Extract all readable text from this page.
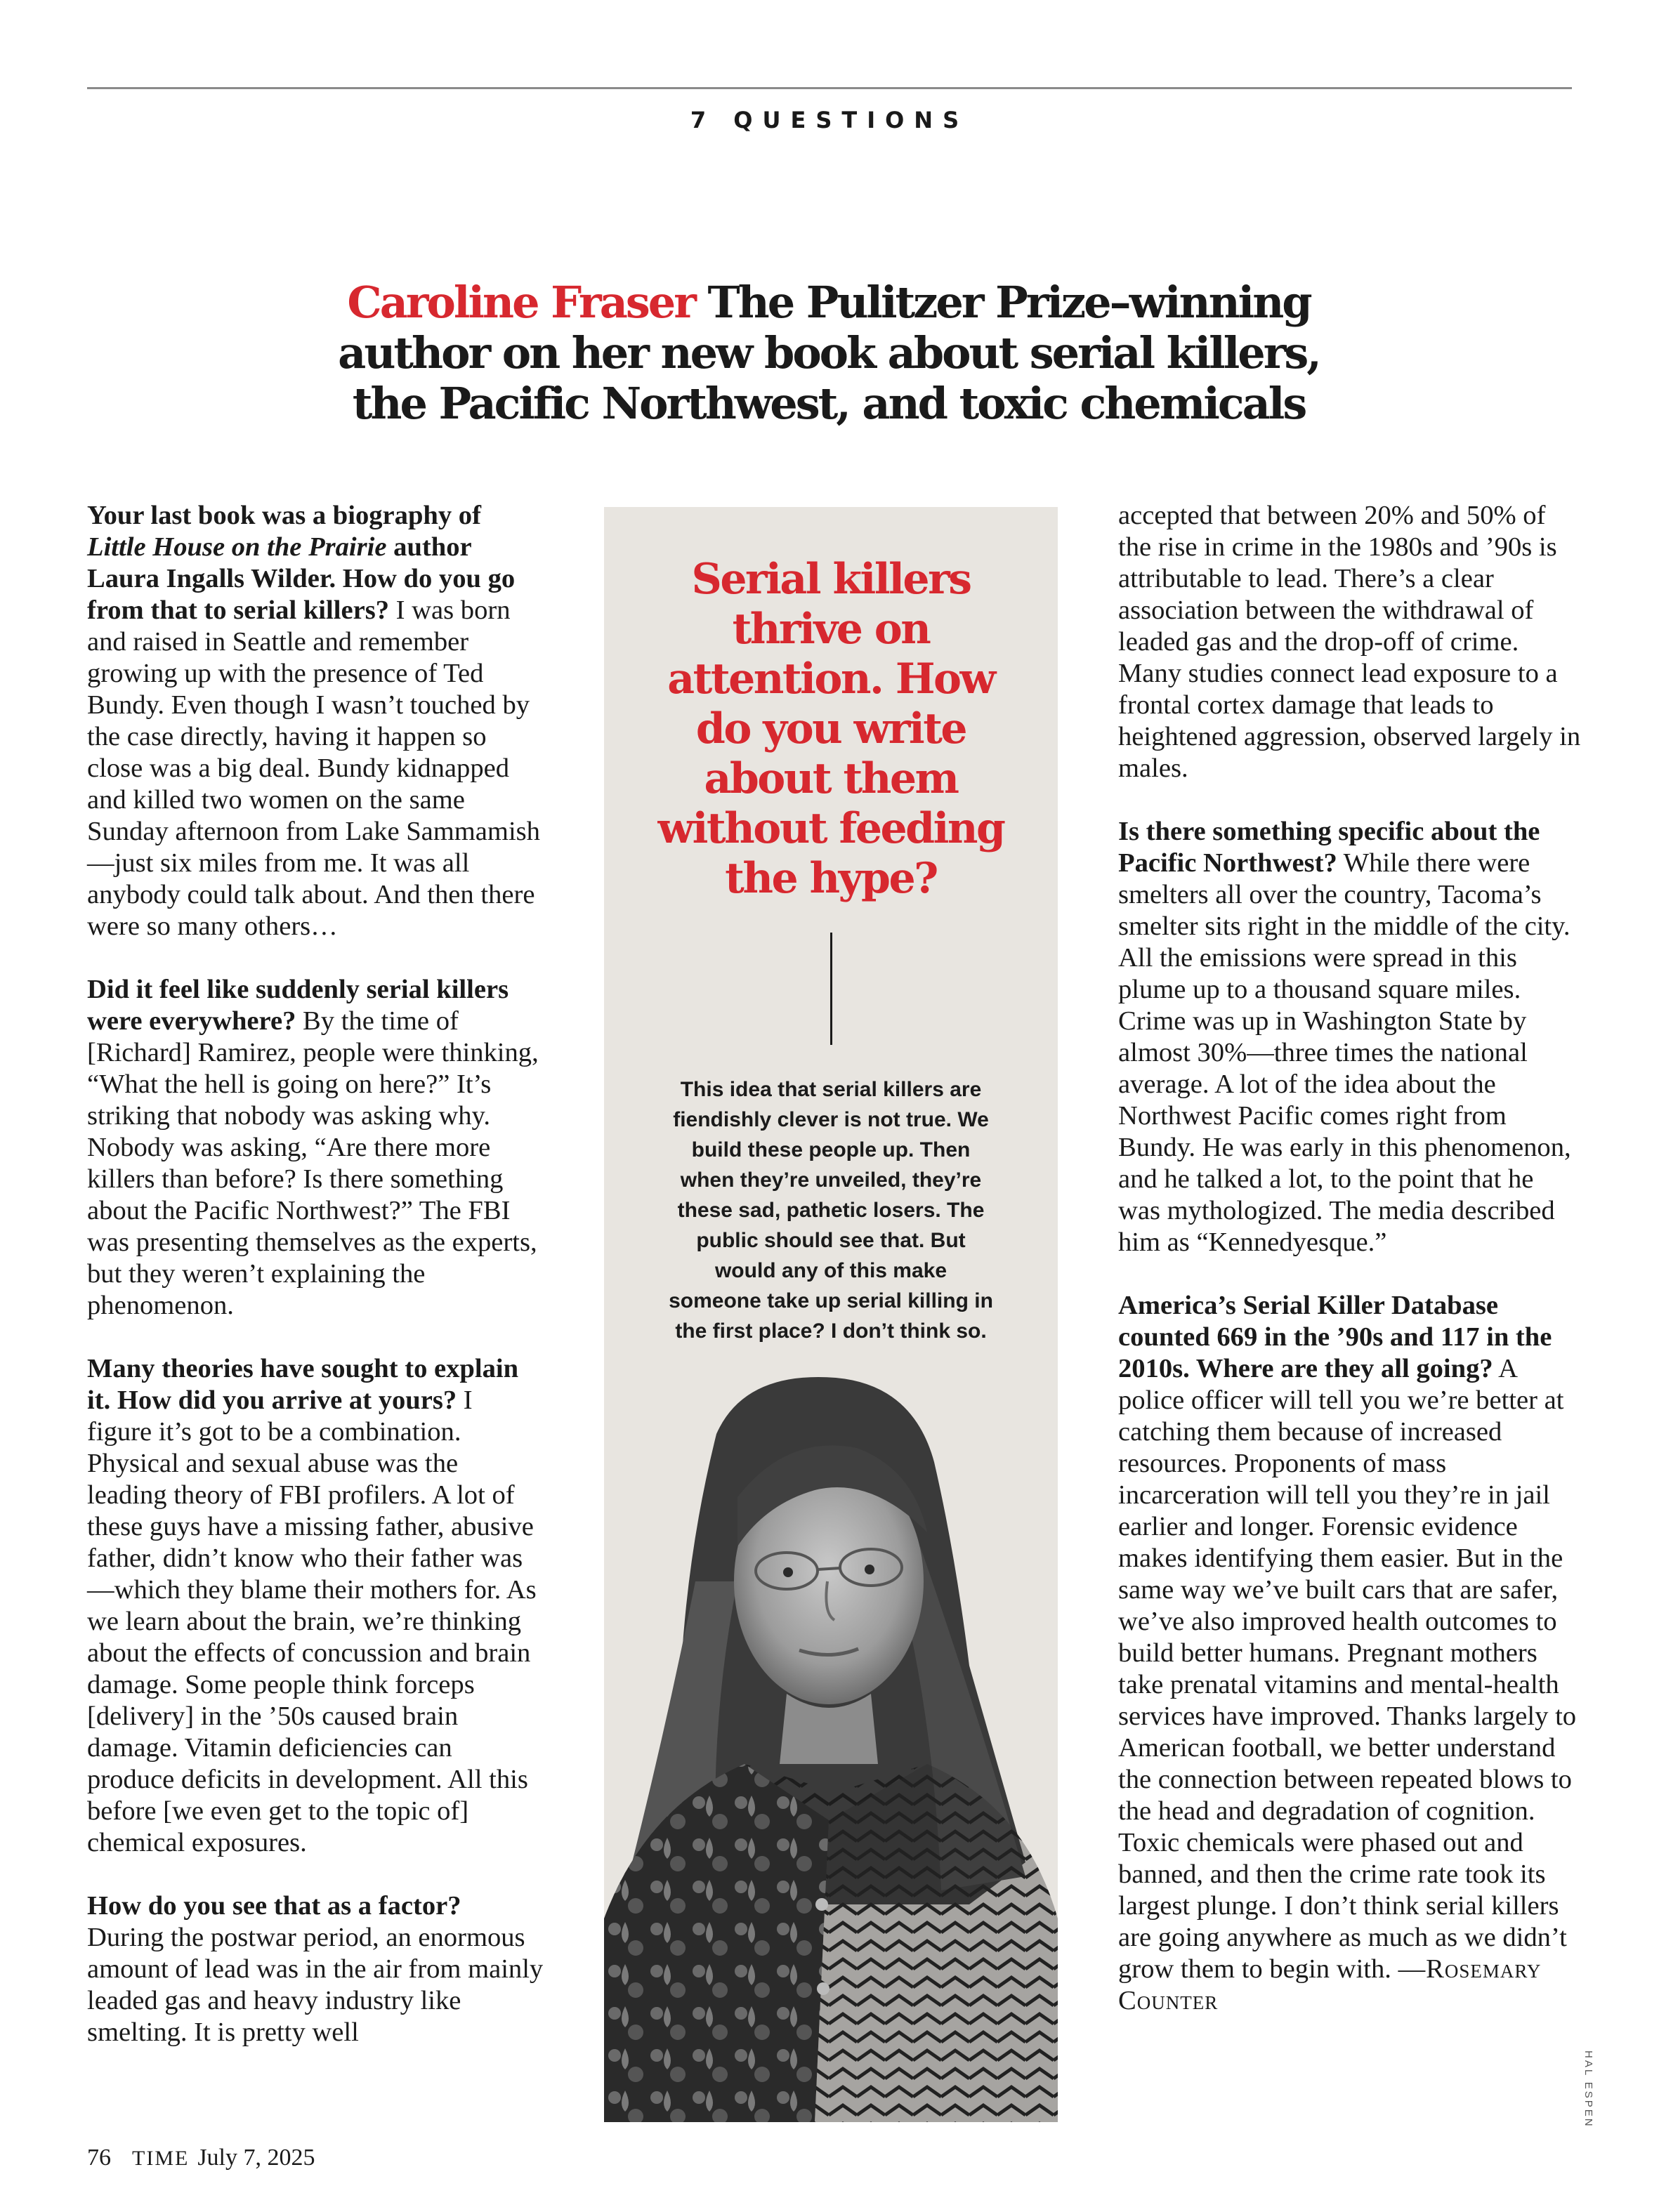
7 QUESTIONS
Caroline Fraser The Pulitzer Prize–winning author on her new book about serial killers, the Pacific Northwest, and toxic chemicals

Your last book was a biography of Little House on the Prairie author Laura Ingalls Wilder. How do you go from that to serial killers? I was born and raised in Seattle and remember growing up with the presence of Ted Bundy. Even though I wasn’t touched by the case directly, having it happen so close was a big deal. Bundy kidnapped and killed two women on the same Sunday afternoon from Lake Sammamish—just six miles from me. It was all anybody could talk about. And then there were so many others…

Did it feel like suddenly serial killers were everywhere? By the time of [Richard] Ramirez, people were thinking, “What the hell is going on here?” It’s striking that nobody was asking why. Nobody was asking, “Are there more killers than before? Is there something about the Pacific Northwest?” The FBI was presenting themselves as the experts, but they weren’t explaining the phenomenon.

Many theories have sought to explain it. How did you arrive at yours? I figure it’s got to be a combination. Physical and sexual abuse was the leading theory of FBI profilers. A lot of these guys have a missing father, abusive father, didn’t know who their father was—which they blame their mothers for. As we learn about the brain, we’re thinking about the effects of concussion and brain damage. Some people think forceps [delivery] in the ’50s caused brain damage. Vitamin deficiencies can produce deficits in development. All this before [we even get to the topic of] chemical exposures.

How do you see that as a factor? During the postwar period, an enormous amount of lead was in the air from mainly leaded gas and heavy industry like smelting. It is pretty well

Serial killers thrive on attention. How do you write about them without feeding the hype?
This idea that serial killers are fiendishly clever is not true. We build these people up. Then when they’re unveiled, they’re these sad, pathetic losers. The public should see that. But would any of this make someone take up serial killing in the first place? I don’t think so.

accepted that between 20% and 50% of the rise in crime in the 1980s and ’90s is attributable to lead. There’s a clear association between the withdrawal of leaded gas and the drop-off of crime. Many studies connect lead exposure to a frontal cortex damage that leads to heightened aggression, observed largely in males.

Is there something specific about the Pacific Northwest? While there were smelters all over the country, Tacoma’s smelter sits right in the middle of the city. All the emissions were spread in this plume up to a thousand square miles. Crime was up in Washington State by almost 30%—three times the national average. A lot of the idea about the Northwest Pacific comes right from Bundy. He was early in this phenomenon, and he talked a lot, to the point that he was mythologized. The media described him as “Kennedyesque.”

America’s Serial Killer Database counted 669 in the ’90s and 117 in the 2010s. Where are they all going? A police officer will tell you we’re better at catching them because of increased resources. Proponents of mass incarceration will tell you they’re in jail earlier and longer. Forensic evidence makes identifying them easier. But in the same way we’ve built cars that are safer, we’ve also improved health outcomes to build better humans. Pregnant mothers take prenatal vitamins and mental-health services have improved. Thanks largely to American football, we better understand the connection between repeated blows to the head and degradation of cognition. Toxic chemicals were phased out and banned, and then the crime rate took its largest plunge. I don’t think serial killers are going anywhere as much as we didn’t grow them to begin with. —Rosemary Counter

HAL ESPEN
76 TIME July 7, 2025
